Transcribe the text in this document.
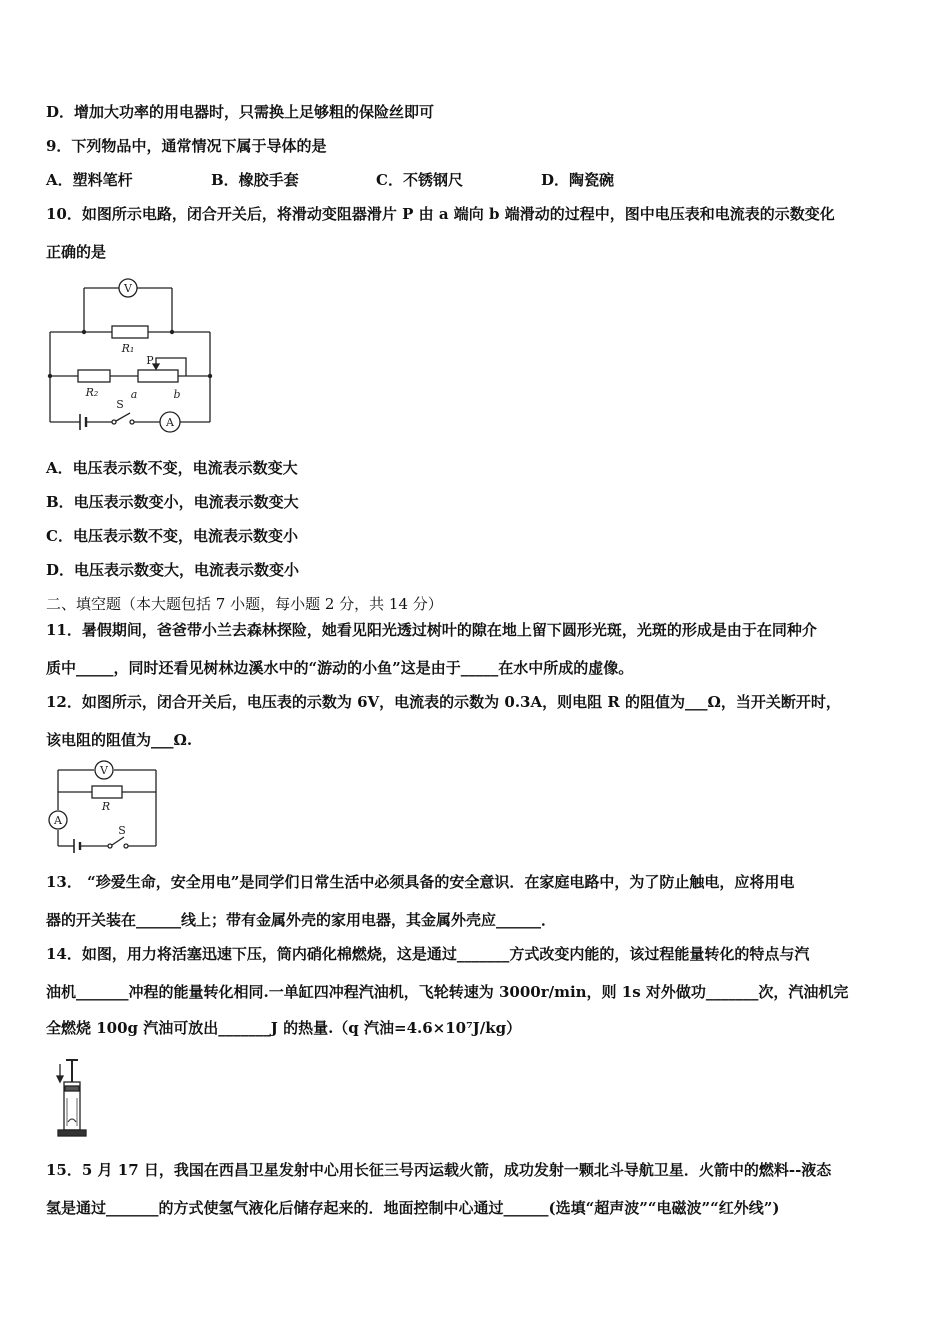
D．增加大功率的用电器时，只需换上足够粗的保险丝即可
9．下列物品中，通常情况下属于导体的是
A．塑料笔杆	B．橡胶手套	C．不锈钢尺	D．陶瓷碗
10．如图所示电路，闭合开关后，将滑动变阻器滑片 P 由 a 端向 b 端滑动的过程中，图中电压表和电流表的示数变化
正确的是
V
A
R₁
P
R₂	a	b
S
A．电压表示数不变，电流表示数变大
B．电压表示数变小，电流表示数变大
C．电压表示数不变，电流表示数变小
D．电压表示数变大，电流表示数变小
二、填空题（本大题包括 7 小题，每小题 2 分，共 14 分）
11．暑假期间，爸爸带小兰去森林探险，她看见阳光透过树叶的隙在地上留下圆形光斑，光斑的形成是由于在同种介
质中_____，同时还看见树林边溪水中的“游动的小鱼”这是由于_____在水中所成的虚像。
12．如图所示，闭合开关后，电压表的示数为 6V，电流表的示数为 0.3A，则电阻 R 的阻值为___Ω，当开关断开时，
该电阻的阻值为___Ω.
V
A
R
S
13． “珍爱生命，安全用电”是同学们日常生活中必须具备的安全意识．在家庭电路中，为了防止触电，应将用电
器的开关装在______线上；带有金属外壳的家用电器，其金属外壳应______．
14．如图，用力将活塞迅速下压，筒内硝化棉燃烧，这是通过_______方式改变内能的，该过程能量转化的特点与汽
油机_______冲程的能量转化相同.一单缸四冲程汽油机，飞轮转速为 3000r/min，则 1s 对外做功_______次，汽油机完
全燃烧 100g 汽油可放出_______J 的热量.（q 汽油=4.6×10⁷J/kg）
15．5 月 17 日，我国在西昌卫星发射中心用长征三号丙运载火箭，成功发射一颗北斗导航卫星．火箭中的燃料--液态
氢是通过_______的方式使氢气液化后储存起来的．地面控制中心通过______(选填“超声波”“电磁波”“红外线”)
